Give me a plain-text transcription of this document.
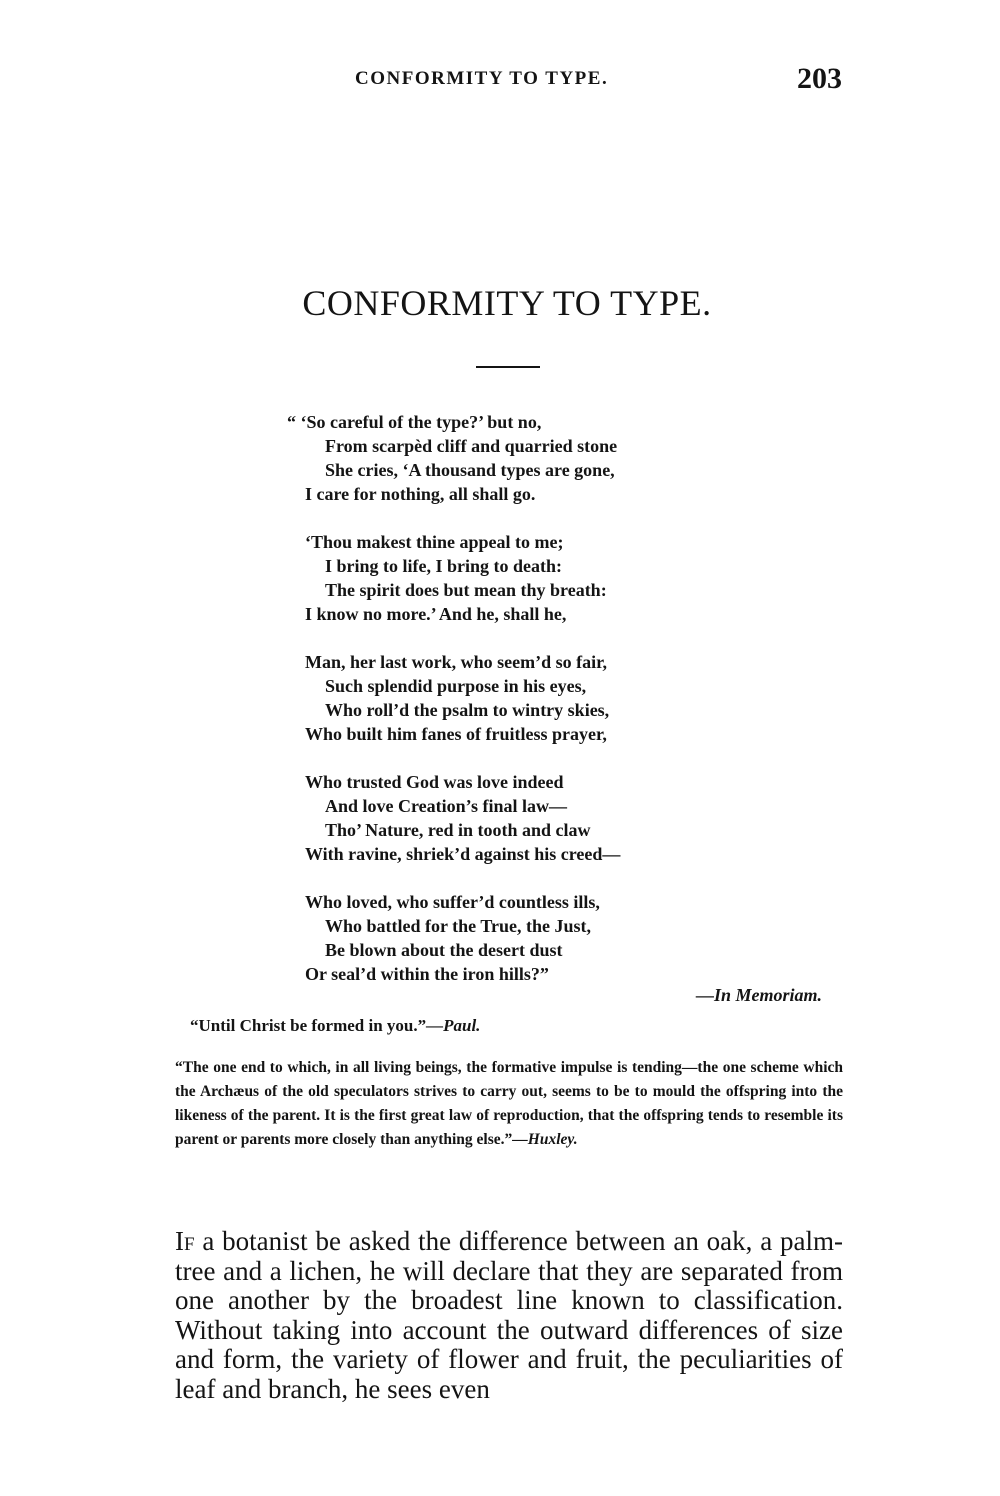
CONFORMITY TO TYPE.	203
CONFORMITY TO TYPE.
“ ‘So careful of the type?’ but no,
From scarpèd cliff and quarried stone
She cries, ‘A thousand types are gone,
I care for nothing, all shall go.
‘Thou makest thine appeal to me;
I bring to life, I bring to death:
The spirit does but mean thy breath:
I know no more.’ And he, shall he,
Man, her last work, who seem’d so fair,
Such splendid purpose in his eyes,
Who roll’d the psalm to wintry skies,
Who built him fanes of fruitless prayer,
Who trusted God was love indeed
And love Creation’s final law—
Tho’ Nature, red in tooth and claw
With ravine, shriek’d against his creed—
Who loved, who suffer’d countless ills,
Who battled for the True, the Just,
Be blown about the desert dust
Or seal’d within the iron hills?”
—In Memoriam.
“Until Christ be formed in you.”—Paul.
“The one end to which, in all living beings, the formative impulse is tending—the one scheme which the Archæus of the old speculators strives to carry out, seems to be to mould the offspring into the likeness of the parent. It is the first great law of reproduction, that the offspring tends to resemble its parent or parents more closely than anything else.”—Huxley.
If a botanist be asked the difference between an oak, a palm-tree and a lichen, he will declare that they are separated from one another by the broadest line known to classification. Without taking into account the outward differences of size and form, the variety of flower and fruit, the peculiarities of leaf and branch, he sees even
